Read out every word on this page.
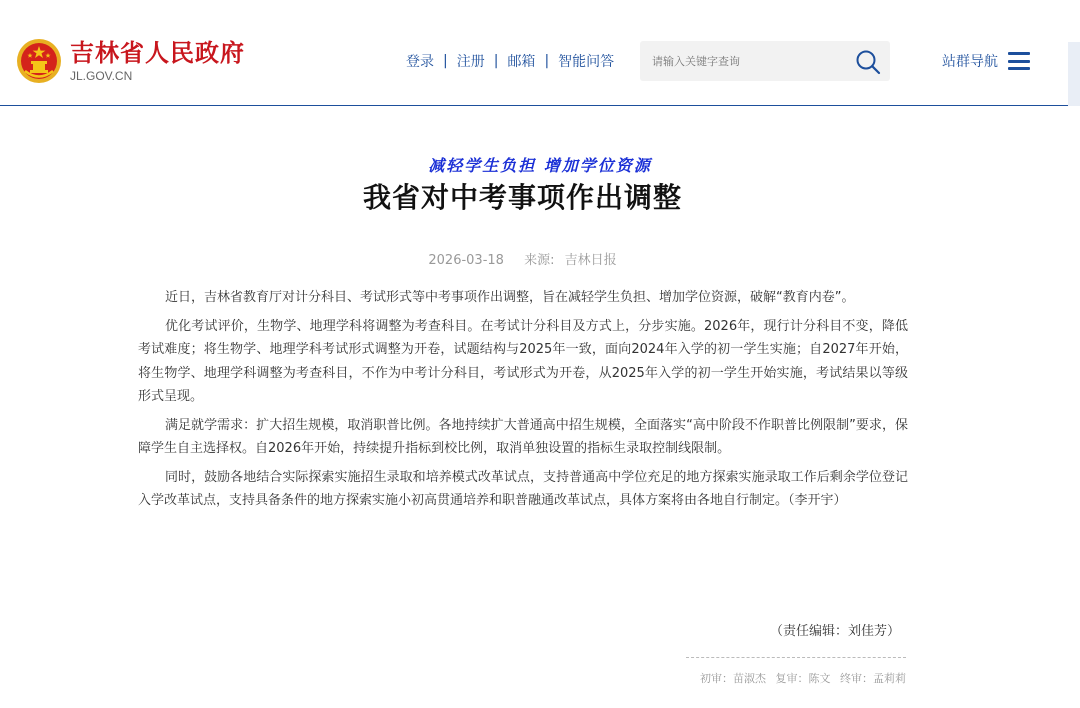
吉林省人民政府
JL.GOV.CN
登录 | 注册 | 邮箱 | 智能问答
请输入关键字查询	站群导航
减轻学生负担 增加学位资源
我省对中考事项作出调整
2026-03-18 来源: 吉林日报

近日，吉林省教育厅对计分科目、考试形式等中考事项作出调整，旨在减轻学生负担、增加学位资源，破解“教育内卷”。

优化考试评价，生物学、地理学科将调整为考查科目。在考试计分科目及方式上，分步实施。2026年，现行计分科目不变，降低考试难度；将生物学、地理学科考试形式调整为开卷，试题结构与2025年一致，面向2024年入学的初一学生实施；自2027年开始，将生物学、地理学科调整为考查科目，不作为中考计分科目，考试形式为开卷，从2025年入学的初一学生开始实施，考试结果以等级形式呈现。

满足就学需求：扩大招生规模，取消职普比例。各地持续扩大普通高中招生规模，全面落实“高中阶段不作职普比例限制”要求，保障学生自主选择权。自2026年开始，持续提升指标到校比例，取消单独设置的指标生录取控制线限制。

同时，鼓励各地结合实际探索实施招生录取和培养模式改革试点，支持普通高中学位充足的地方探索实施录取工作后剩余学位登记入学改革试点，支持具备条件的地方探索实施小初高贯通培养和职普融通改革试点，具体方案将由各地自行制定。（李开宇）

（责任编辑：刘佳芳）
初审：苗淑杰 复审：陈文 终审：孟莉莉
